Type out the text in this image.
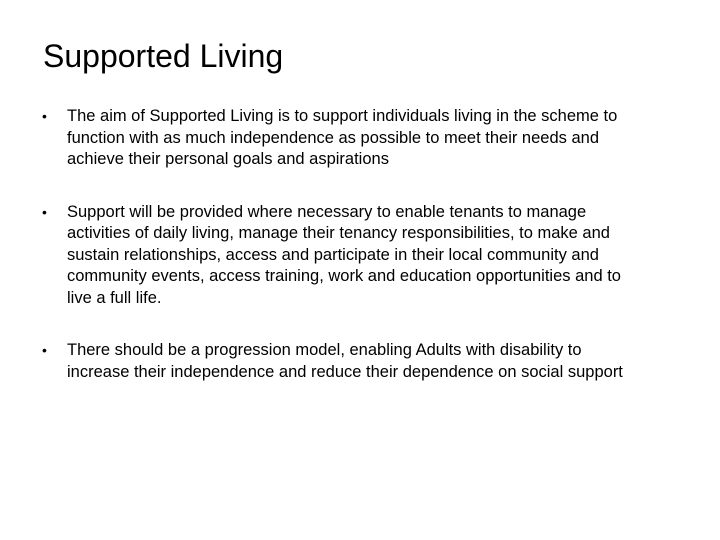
Supported Living
• The aim of Supported Living is to support individuals living in the scheme to
function with as much independence as possible to meet their needs and
achieve their personal goals and aspirations
• Support will be provided where necessary to enable tenants to manage
activities of daily living, manage their tenancy responsibilities, to make and
sustain relationships, access and participate in their local community and
community events, access training, work and education opportunities and to
live a full life.
• There should be a progression model, enabling Adults with disability to
increase their independence and reduce their dependence on social support
